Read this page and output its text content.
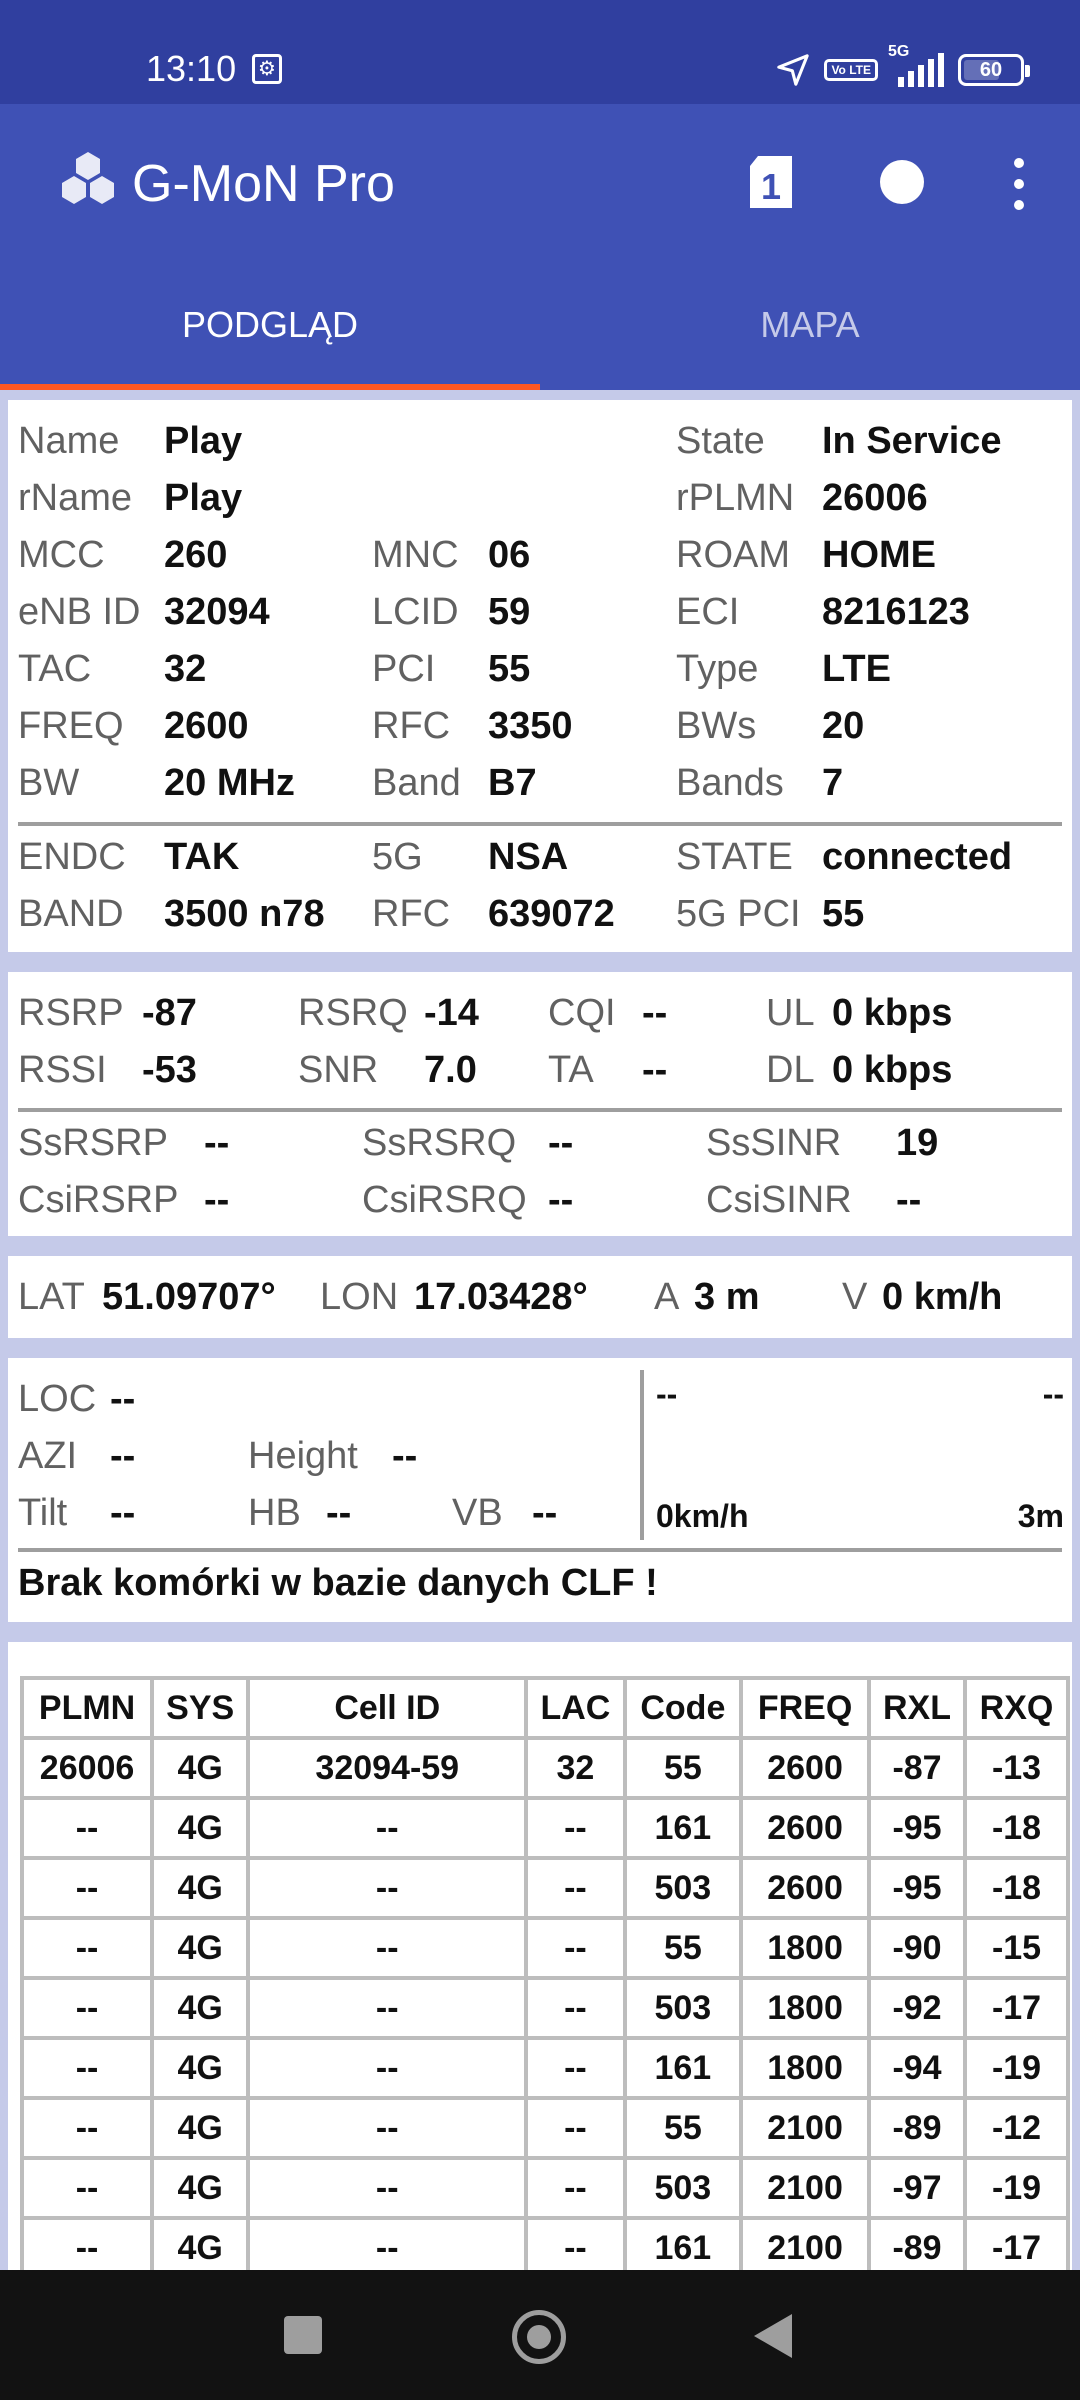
13:10	⚙	Vo LTE
5G
60
G-MoN Pro	1
PODGLĄD	MAPA
Name Play	State In Service
rName Play	rPLMN 26006
MCC 260	MNC 06	ROAM HOME
eNB ID 32094	LCID 59	ECI 8216123
TAC 32	PCI 55	Type LTE
FREQ 2600	RFC 3350	BWs 20
BW 20 MHz Band B7	Bands 7
ENDC TAK	5G NSA	STATE connected
BAND 3500 n78 RFC 639072 5G PCI 55
RSRP -87	RSRQ -14 CQI --	UL 0 kbps
RSSI -53	SNR 7.0 TA --	DL 0 kbps
SsRSRP --	SsRSRQ --	SsSINR 19
CsiRSRP --	CsiRSRQ --	CsiSINR --
LAT 51.09707° LON 17.03428° A 3 m V 0 km/h
LOC --
AZI --	Height --
Tilt --	HB --	VB --
--	--
0km/h	3m
Brak komórki w bazie danych CLF !
PLMN	SYS	Cell ID	LAC	Code	FREQ	RXL	RXQ
26006	4G	32094-59	32	55	2600	-87	-13
--	4G	--	--	161	2600	-95	-18
--	4G	--	--	503	2600	-95	-18
--	4G	--	--	55	1800	-90	-15
--	4G	--	--	503	1800	-92	-17
--	4G	--	--	161	1800	-94	-19
--	4G	--	--	55	2100	-89	-12
--	4G	--	--	503	2100	-97	-19
--	4G	--	--	161	2100	-89	-17
